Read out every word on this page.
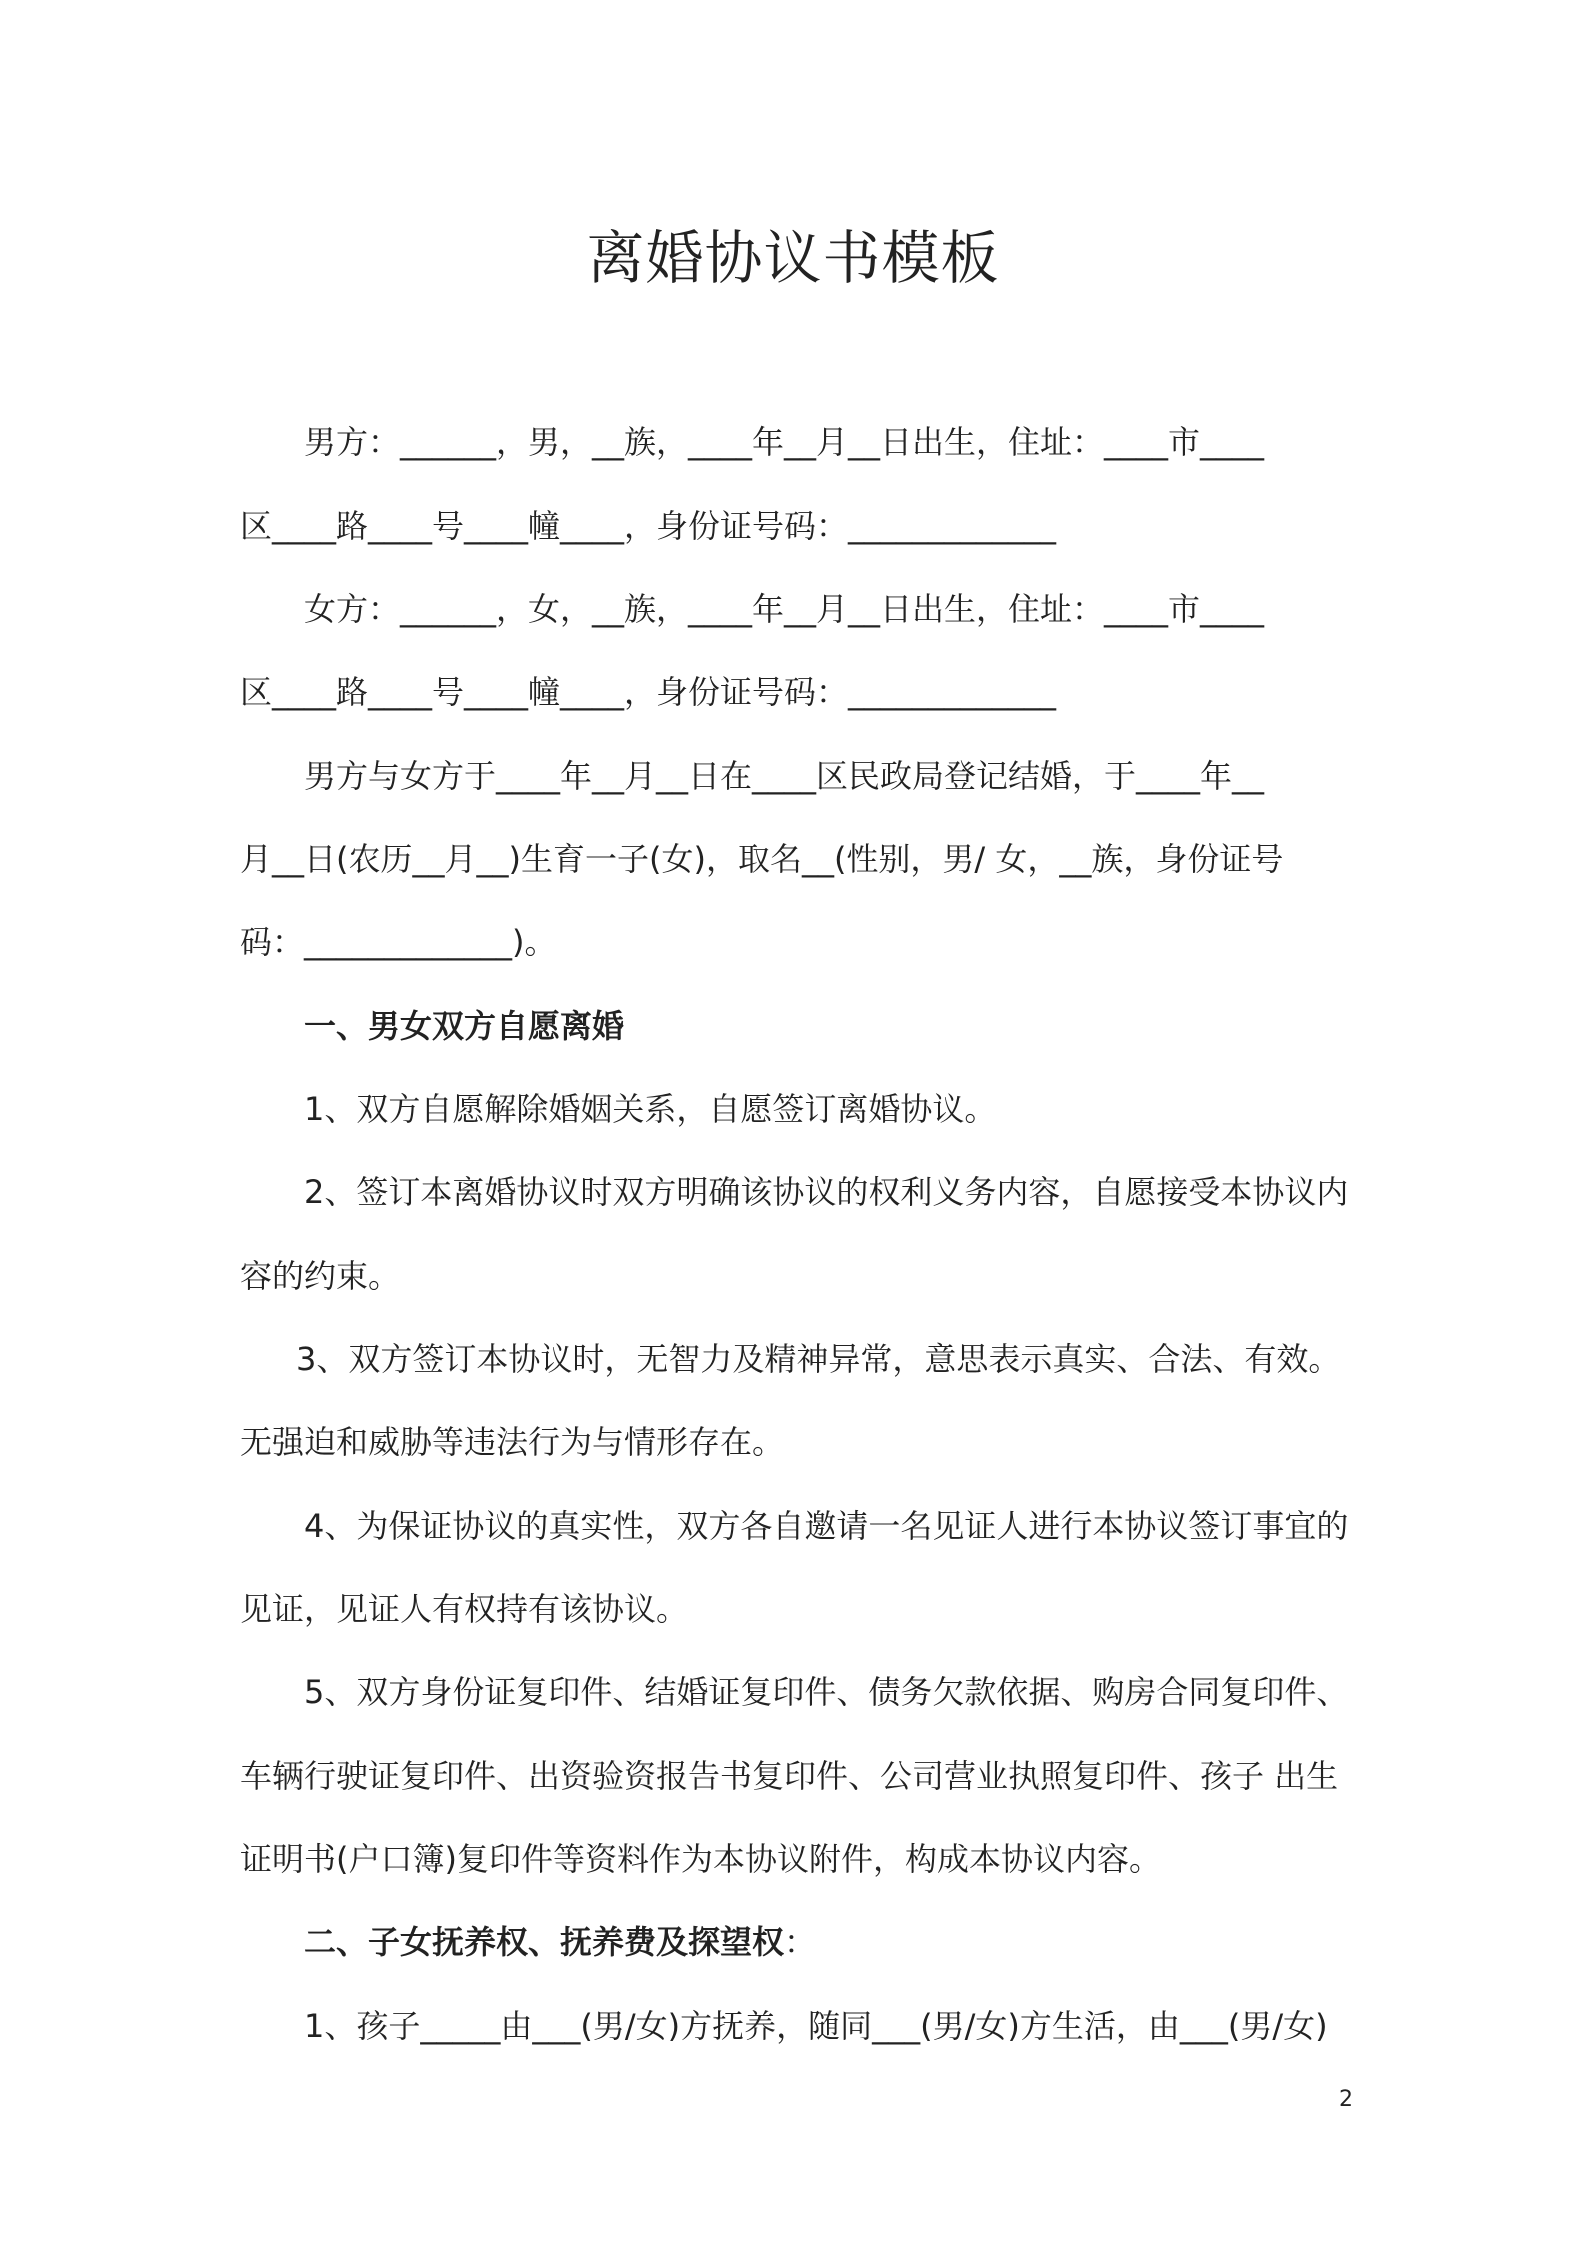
离婚协议书模板
男方：______，男，__族，____年__月__日出生，住址：____市____
区____路____号____幢____，身份证号码：_____________
女方：______，女，__族，____年__月__日出生，住址：____市____
区____路____号____幢____，身份证号码：_____________
男方与女方于____年__月__日在____区民政局登记结婚，于____年__
月__日(农历__月__)生育一子(女)，取名__(性别，男/ 女，__族，身份证号
码：_____________)。
一、男女双方自愿离婚
1、双方自愿解除婚姻关系，自愿签订离婚协议。
2、签订本离婚协议时双方明确该协议的权利义务内容，自愿接受本协议内
容的约束。
3、双方签订本协议时，无智力及精神异常，意思表示真实、合法、有效。
无强迫和威胁等违法行为与情形存在。
4、为保证协议的真实性，双方各自邀请一名见证人进行本协议签订事宜的
见证，见证人有权持有该协议。
5、双方身份证复印件、结婚证复印件、债务欠款依据、购房合同复印件、
车辆行驶证复印件、出资验资报告书复印件、公司营业执照复印件、孩子 出生
证明书(户口簿)复印件等资料作为本协议附件，构成本协议内容。
二、子女抚养权、抚养费及探望权：
1、孩子_____由___(男/女)方抚养，随同___(男/女)方生活，由___(男/女)
2
